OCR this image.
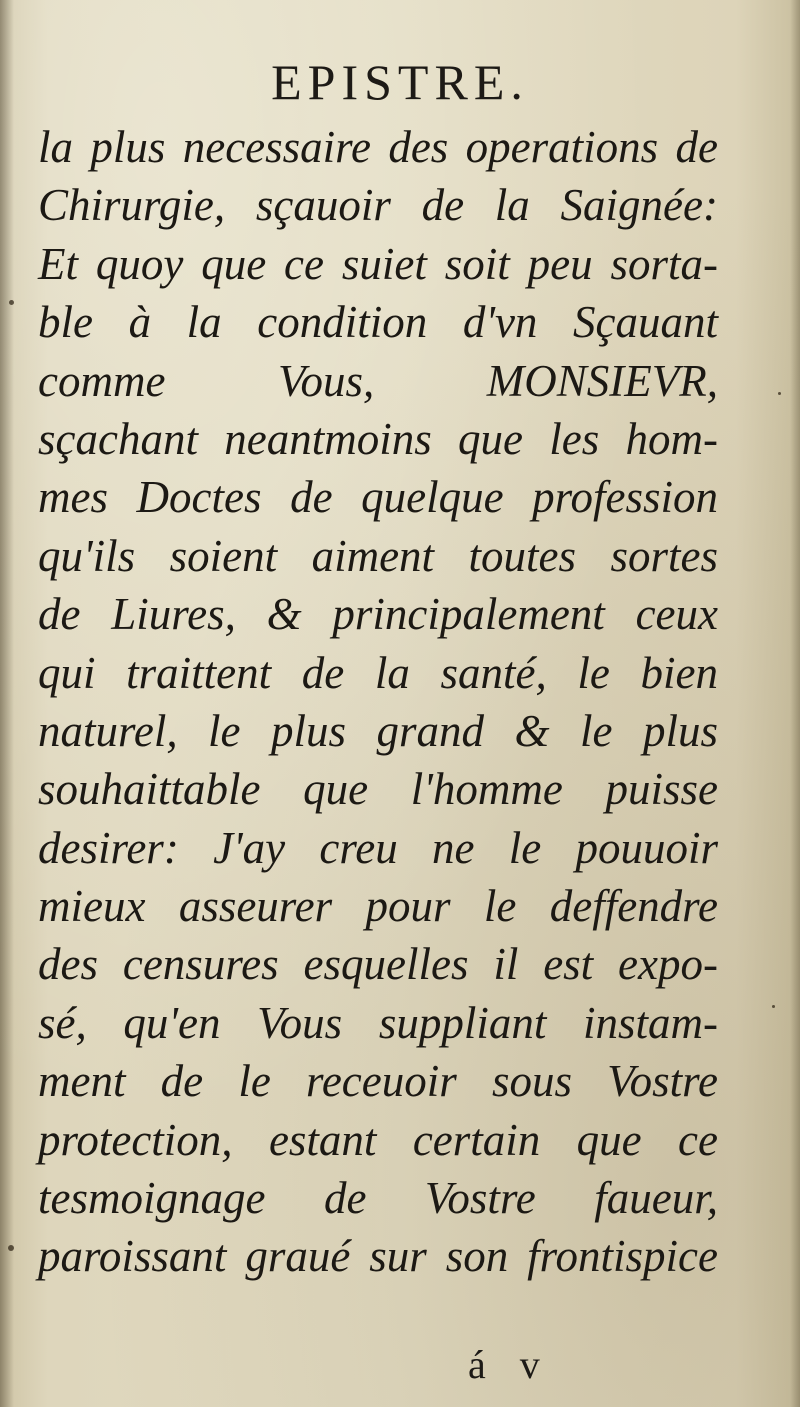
EPISTRE.
la plus necessaire des operations de
Chirurgie, sçauoir de la Saignée:
Et quoy que ce suiet soit peu sorta-
ble à la condition d'vn Sçauant
comme Vous, MONSIEVR,
sçachant neantmoins que les hom-
mes Doctes de quelque profession
qu'ils soient aiment toutes sortes
de Liures, & principalement ceux
qui traittent de la santé, le bien
naturel, le plus grand & le plus
souhaittable que l'homme puisse
desirer: J'ay creu ne le pouuoir
mieux asseurer pour le deffendre
des censures esquelles il est expo-
sé, qu'en Vous suppliant instam-
ment de le receuoir sous Vostre
protection, estant certain que ce
tesmoignage de Vostre faueur,
paroissant graué sur son frontispice
á v
